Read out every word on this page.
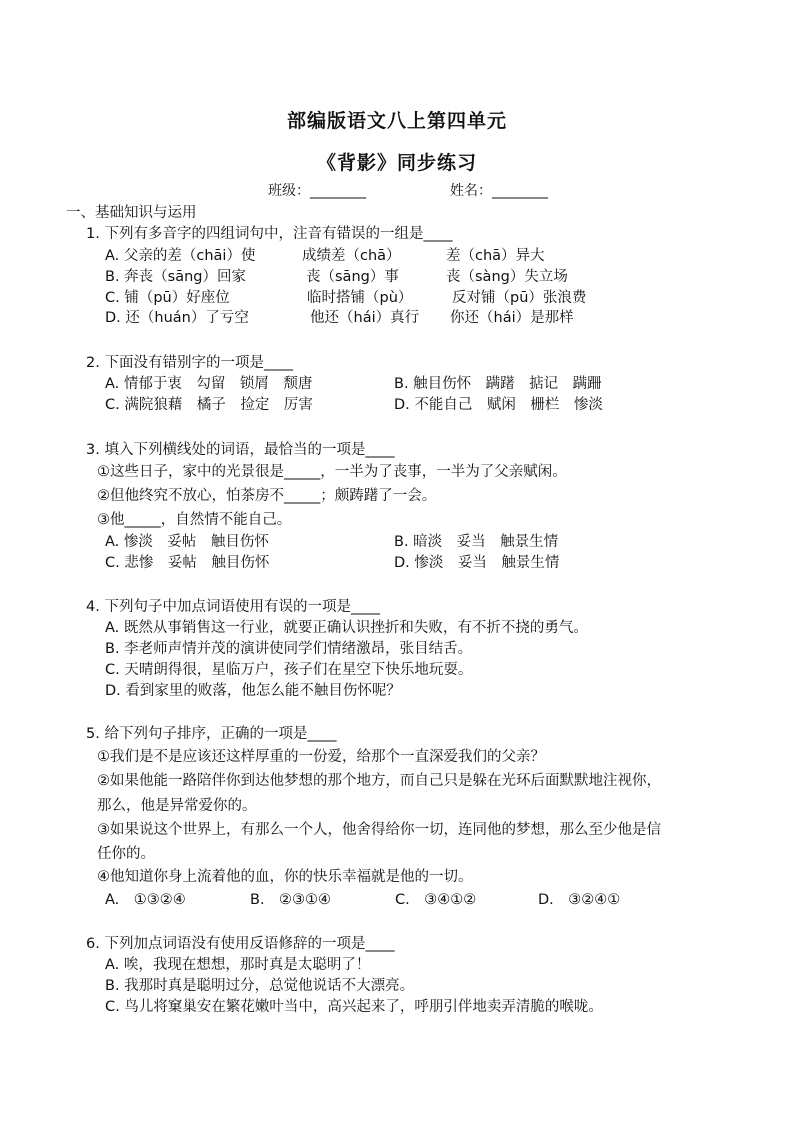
部编版语文八上第四单元
《背影》同步练习
班级：________	姓名：________
一、基础知识与运用
1. 下列有多音字的四组词句中，注音有错误的一组是____
A. 父亲的差（chāi）使	成绩差（chā）	差（chā）异大
B. 奔丧（sāng）回家	丧（sāng）事	丧（sàng）失立场
C. 铺（pū）好座位	临时搭铺（pù）	反对铺（pū）张浪费
D. 还（huán）了亏空	他还（hái）真行 你还（hái）是那样
2. 下面没有错别字的一项是____
A. 情郁于衷　勾留　锁屑　颓唐	B. 触目伤怀　蹒躇　掂记　蹒跚
C. 满院狼藉　橘子　捡定　厉害	D. 不能自己　赋闲　栅栏　惨淡
3. 填入下列横线处的词语，最恰当的一项是____
①这些日子，家中的光景很是_____，一半为了丧事，一半为了父亲赋闲。
②但他终究不放心，怕茶房不_____；颇踌躇了一会。
③他_____，自然情不能自己。
A. 惨淡　妥帖　触目伤怀	B. 暗淡　妥当　触景生情
C. 悲惨　妥帖　触目伤怀	D. 惨淡　妥当　触景生情
4. 下列句子中加点词语使用有误的一项是____
A. 既然从事销售这一行业，就要正确认识挫折和失败，有不折不挠的勇气。
B. 李老师声情并茂的演讲使同学们情绪激昂，张目结舌。
C. 天晴朗得很，星临万户，孩子们在星空下快乐地玩耍。
D. 看到家里的败落，他怎么能不触目伤怀呢？
5. 给下列句子排序，正确的一项是____
①我们是不是应该还这样厚重的一份爱，给那个一直深爱我们的父亲？
②如果他能一路陪伴你到达他梦想的那个地方，而自己只是躲在光环后面默默地注视你，
那么，他是异常爱你的。
③如果说这个世界上，有那么一个人，他舍得给你一切，连同他的梦想，那么至少他是信
任你的。
④他知道你身上流着他的血，你的快乐幸福就是他的一切。
A.　①③②④	B.　②③①④	C.　③④①②	D.　③②④①
6. 下列加点词语没有使用反语修辞的一项是____
A. 唉，我现在想想，那时真是太聪明了！
B. 我那时真是聪明过分，总觉他说话不大漂亮。
C. 鸟儿将窠巢安在繁花嫩叶当中，高兴起来了，呼朋引伴地卖弄清脆的喉咙。
